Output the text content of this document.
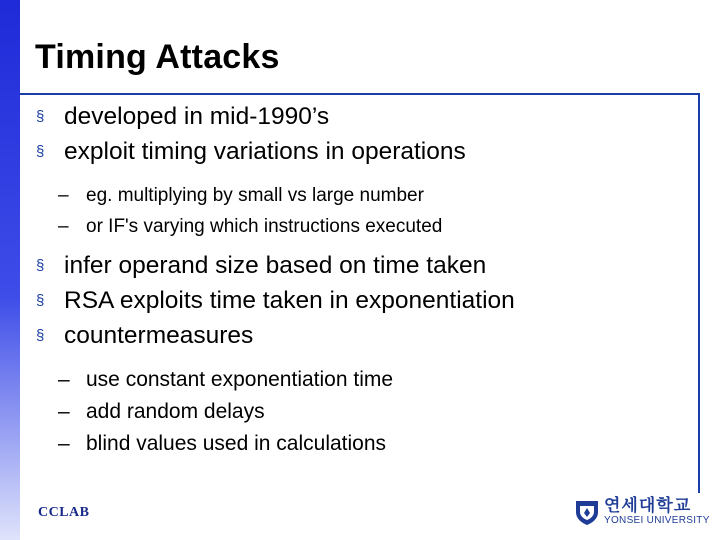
Timing Attacks
§ developed in mid-1990’s
§ exploit timing variations in operations
– eg. multiplying by small vs large number
– or IF's varying which instructions executed
§ infer operand size based on time taken
§ RSA exploits time taken in exponentiation
§ countermeasures
– use constant exponentiation time
– add random delays
– blind values used in calculations
CCLAB	연세대학교
YONSEI UNIVERSITY
